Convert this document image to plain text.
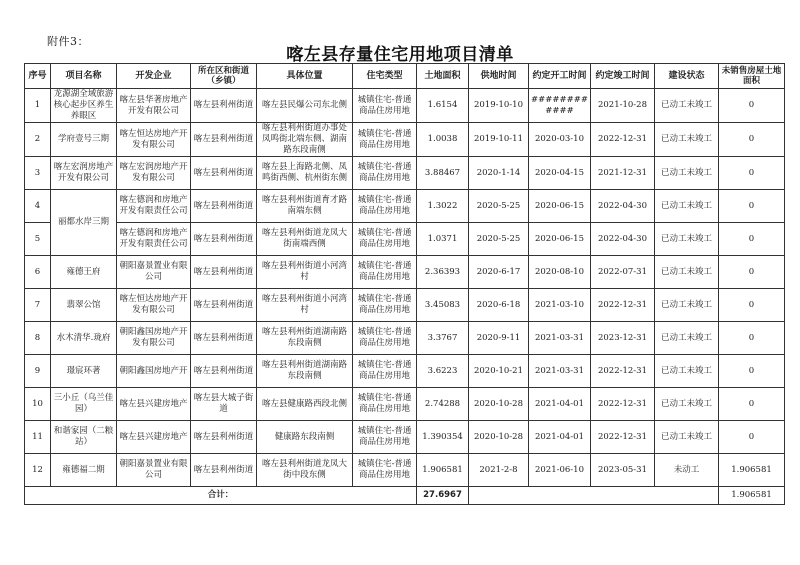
附件3：
喀左县存量住宅用地项目清单
序号	项目名称	开发企业	所在区和街道（乡镇）	具体位置	住宅类型	土地面积	供地时间	约定开工时间	约定竣工时间	建设状态	未销售房屋土地面积
1	龙源湖全域旅游核心起步区养生养眼区	喀左县华著房地产开发有限公司	喀左县利州街道	喀左县民爆公司东北侧	城镇住宅-普通商品住房用地	1.6154	2019-10-10	############	2021-10-28	已动工未竣工	0
2	学府壹号三期	喀左恒达房地产开发有限公司	喀左县利州街道	喀左县利州街道办事处凤鸣街北端东侧、湖南路东段南侧	城镇住宅-普通商品住房用地	1.0038	2019-10-11	2020-03-10	2022-12-31	已动工未竣工	0
3	喀左宏润房地产开发有限公司	喀左宏润房地产开发有限公司	喀左县利州街道	喀左县上海路北侧、凤鸣街西侧、杭州街东侧	城镇住宅-普通商品住房用地	3.88467	2020-1-14	2020-04-15	2021-12-31	已动工未竣工	0
4	丽都水岸三期	喀左德润和房地产开发有限责任公司	喀左县利州街道	喀左县利州街道育才路南端东侧	城镇住宅-普通商品住房用地	1.3022	2020-5-25	2020-06-15	2022-04-30	已动工未竣工	0
5		喀左德润和房地产开发有限责任公司	喀左县利州街道	喀左县利州街道龙凤大街南端西侧	城镇住宅-普通商品住房用地	1.0371	2020-5-25	2020-06-15	2022-04-30	已动工未竣工	0
6	雍德王府	朝阳嘉景置业有限公司	喀左县利州街道	喀左县利州街道小河湾村	城镇住宅-普通商品住房用地	2.36393	2020-6-17	2020-08-10	2022-07-31	已动工未竣工	0
7	翡翠公馆	喀左恒达房地产开发有限公司	喀左县利州街道	喀左县利州街道小河湾村	城镇住宅-普通商品住房用地	3.45083	2020-6-18	2021-03-10	2022-12-31	已动工未竣工	0
8	水木清华.珑府	朝阳鑫国房地产开发有限公司	喀左县利州街道	喀左县利州街道湖南路东段南侧	城镇住宅-普通商品住房用地	3.3767	2020-9-11	2021-03-31	2023-12-31	已动工未竣工	0
9	璟宸环著	朝阳鑫国房地产开	喀左县利州街道	喀左县利州街道湖南路东段南侧	城镇住宅-普通商品住房用地	3.6223	2020-10-21	2021-03-31	2022-12-31	已动工未竣工	0
10	三小丘（乌兰佳园）	喀左县兴建房地产	喀左县大城子街道	喀左县健康路西段北侧	城镇住宅-普通商品住房用地	2.74288	2020-10-28	2021-04-01	2022-12-31	已动工未竣工	0
11	和谐家园（二粮站）	喀左县兴建房地产	喀左县利州街道	健康路东段南侧	城镇住宅-普通商品住房用地	1.390354	2020-10-28	2021-04-01	2022-12-31	已动工未竣工	0
12	雍德福二期	朝阳嘉景置业有限公司	喀左县利州街道	喀左县利州街道龙凤大街中段东侧	城镇住宅-普通商品住房用地	1.906581	2021-2-8	2021-06-10	2023-05-31	未动工	1.906581
合计：						27.6967					1.906581
